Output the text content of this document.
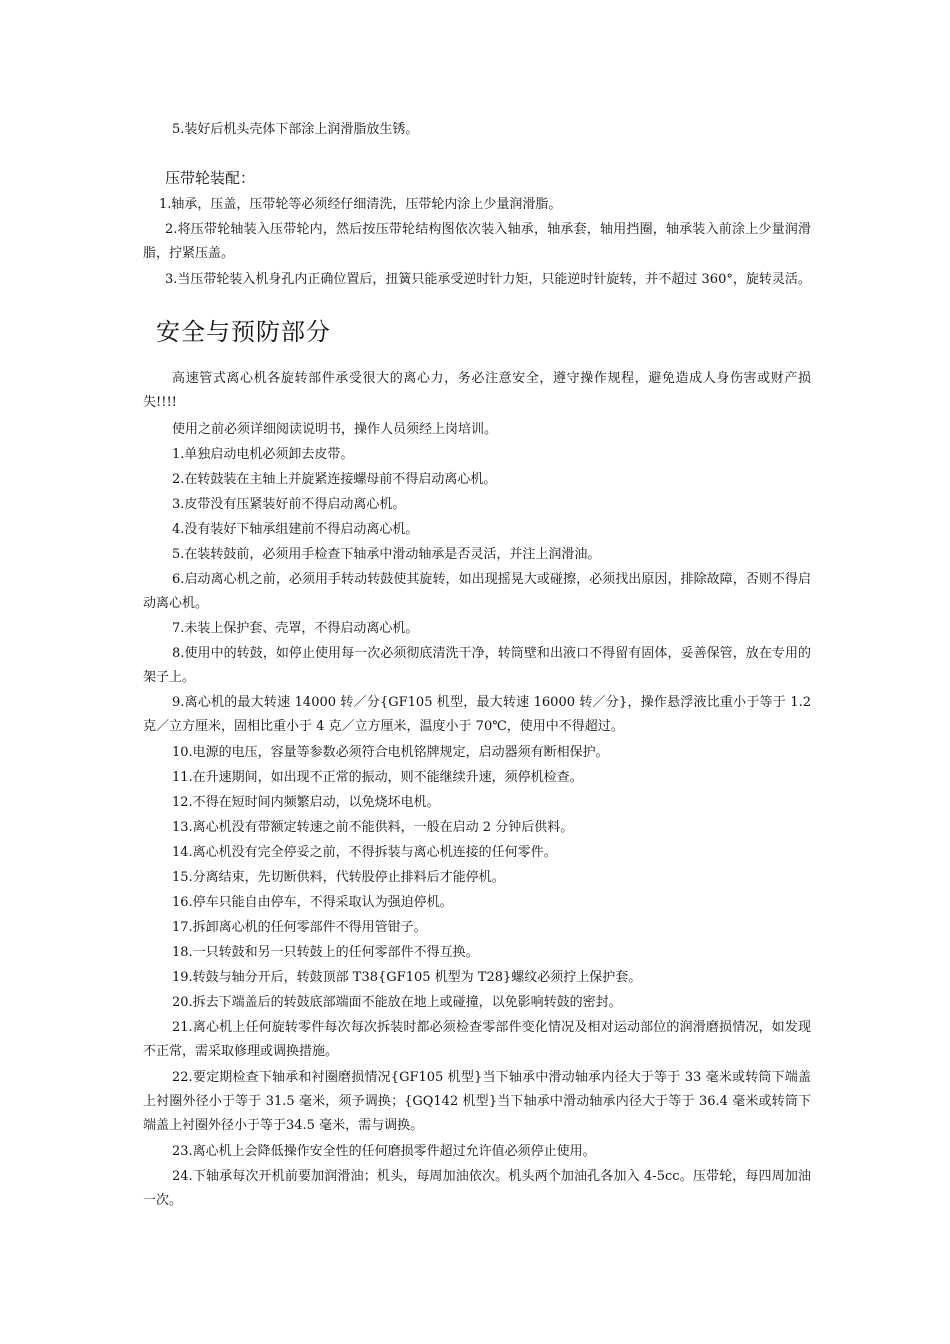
5.装好后机头壳体下部涂上润滑脂放生锈。
压带轮装配：
1.轴承，压盖，压带轮等必须经仔细清洗，压带轮内涂上少量润滑脂。
2.将压带轮轴装入压带轮内，然后按压带轮结构图依次装入轴承，轴承套，轴用挡圈，轴承装入前涂上少量润滑脂，拧紧压盖。
3.当压带轮装入机身孔内正确位置后，扭簧只能承受逆时针力矩，只能逆时针旋转，并不超过 360°，旋转灵活。
安全与预防部分
高速管式离心机各旋转部件承受很大的离心力，务必注意安全，遵守操作规程，避免造成人身伤害或财产损失!!!!
使用之前必须详细阅读说明书，操作人员须经上岗培训。
1.单独启动电机必须卸去皮带。
2.在转鼓装在主轴上并旋紧连接螺母前不得启动离心机。
3.皮带没有压紧装好前不得启动离心机。
4.没有装好下轴承组建前不得启动离心机。
5.在装转鼓前，必须用手检查下轴承中滑动轴承是否灵活，并注上润滑油。
6.启动离心机之前，必须用手转动转鼓使其旋转，如出现摇晃大或碰擦，必须找出原因，排除故障，否则不得启动离心机。
7.未装上保护套、壳罩，不得启动离心机。
8.使用中的转鼓，如停止使用每一次必须彻底清洗干净，转筒壁和出液口不得留有固体，妥善保管，放在专用的架子上。
9.离心机的最大转速 14000 转／分{GF105 机型，最大转速 16000 转／分}，操作悬浮液比重小于等于 1.2 克／立方厘米，固相比重小于 4 克／立方厘米，温度小于 70℃，使用中不得超过。
10.电源的电压，容量等参数必须符合电机铭牌规定，启动器须有断相保护。
11.在升速期间，如出现不正常的振动，则不能继续升速，须停机检查。
12.不得在短时间内频繁启动，以免烧坏电机。
13.离心机没有带额定转速之前不能供料，一般在启动 2 分钟后供料。
14.离心机没有完全停妥之前，不得拆装与离心机连接的任何零件。
15.分离结束，先切断供料，代转股停止排料后才能停机。
16.停车只能自由停车，不得采取认为强迫停机。
17.拆卸离心机的任何零部件不得用管钳子。
18.一只转鼓和另一只转鼓上的任何零部件不得互换。
19.转鼓与轴分开后，转鼓顶部 T38{GF105 机型为 T28}螺纹必须拧上保护套。
20.拆去下端盖后的转鼓底部端面不能放在地上或碰撞，以免影响转鼓的密封。
21.离心机上任何旋转零件每次每次拆装时都必须检查零部件变化情况及相对运动部位的润滑磨损情况，如发现不正常，需采取修理或调换措施。
22.要定期检查下轴承和衬圈磨损情况{GF105 机型}当下轴承中滑动轴承内径大于等于 33 毫米或转筒下端盖上衬圈外径小于等于 31.5 毫米，须予调换；{GQ142 机型}当下轴承中滑动轴承内径大于等于 36.4 毫米或转筒下端盖上衬圈外径小于等于34.5 毫米，需与调换。
23.离心机上会降低操作安全性的任何磨损零件超过允许值必须停止使用。
24.下轴承每次开机前要加润滑油；机头，每周加油依次。机头两个加油孔各加入 4-5cc。压带轮，每四周加油一次。
